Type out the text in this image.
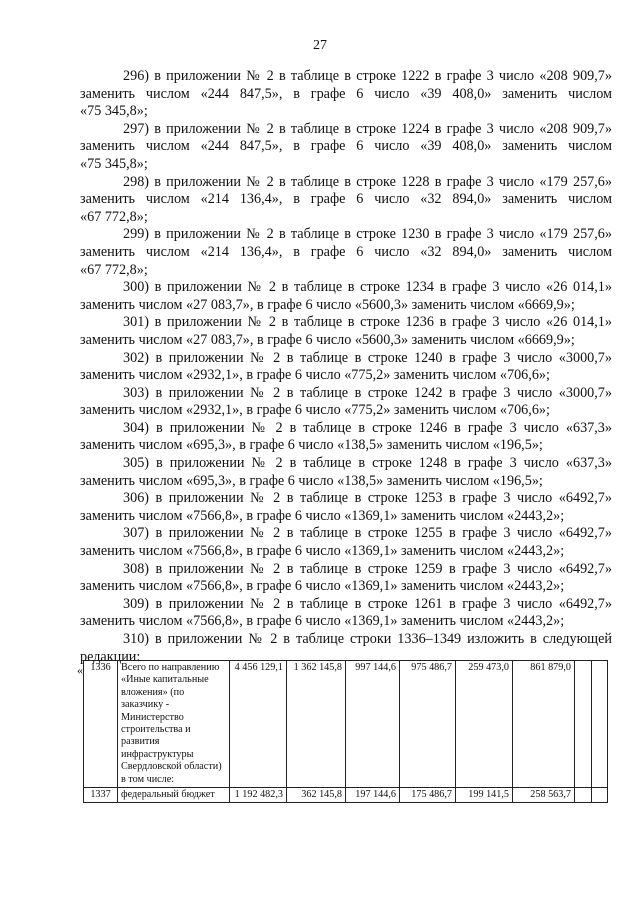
27
296) в приложении № 2 в таблице в строке 1222 в графе 3 число «208 909,7»
заменить числом «244 847,5», в графе 6 число «39 408,0» заменить числом
«75 345,8»;
297) в приложении № 2 в таблице в строке 1224 в графе 3 число «208 909,7»
заменить числом «244 847,5», в графе 6 число «39 408,0» заменить числом
«75 345,8»;
298) в приложении № 2 в таблице в строке 1228 в графе 3 число «179 257,6»
заменить числом «214 136,4», в графе 6 число «32 894,0» заменить числом
«67 772,8»;
299) в приложении № 2 в таблице в строке 1230 в графе 3 число «179 257,6»
заменить числом «214 136,4», в графе 6 число «32 894,0» заменить числом
«67 772,8»;
300) в приложении № 2 в таблице в строке 1234 в графе 3 число «26 014,1»
заменить числом «27 083,7», в графе 6 число «5600,3» заменить числом «6669,9»;
301) в приложении № 2 в таблице в строке 1236 в графе 3 число «26 014,1»
заменить числом «27 083,7», в графе 6 число «5600,3» заменить числом «6669,9»;
302) в приложении № 2 в таблице в строке 1240 в графе 3 число «3000,7»
заменить числом «2932,1», в графе 6 число «775,2» заменить числом «706,6»;
303) в приложении № 2 в таблице в строке 1242 в графе 3 число «3000,7»
заменить числом «2932,1», в графе 6 число «775,2» заменить числом «706,6»;
304) в приложении № 2 в таблице в строке 1246 в графе 3 число «637,3»
заменить числом «695,3», в графе 6 число «138,5» заменить числом «196,5»;
305) в приложении № 2 в таблице в строке 1248 в графе 3 число «637,3»
заменить числом «695,3», в графе 6 число «138,5» заменить числом «196,5»;
306) в приложении № 2 в таблице в строке 1253 в графе 3 число «6492,7»
заменить числом «7566,8», в графе 6 число «1369,1» заменить числом «2443,2»;
307) в приложении № 2 в таблице в строке 1255 в графе 3 число «6492,7»
заменить числом «7566,8», в графе 6 число «1369,1» заменить числом «2443,2»;
308) в приложении № 2 в таблице в строке 1259 в графе 3 число «6492,7»
заменить числом «7566,8», в графе 6 число «1369,1» заменить числом «2443,2»;
309) в приложении № 2 в таблице в строке 1261 в графе 3 число «6492,7»
заменить числом «7566,8», в графе 6 число «1369,1» заменить числом «2443,2»;
310) в приложении № 2 в таблице строки 1336–1349 изложить в следующей
редакции:
« 1336	Всего по направлению «Иные капитальные вложения» (по заказчику - Министерство строительства и развития инфраструктуры Свердловской области) в том числе:	4 456 129,1	1 362 145,8	997 144,6	975 486,7	259 473,0	861 879,0		
1337	федеральный бюджет	1 192 482,3	362 145,8	197 144,6	175 486,7	199 141,5	258 563,7		
